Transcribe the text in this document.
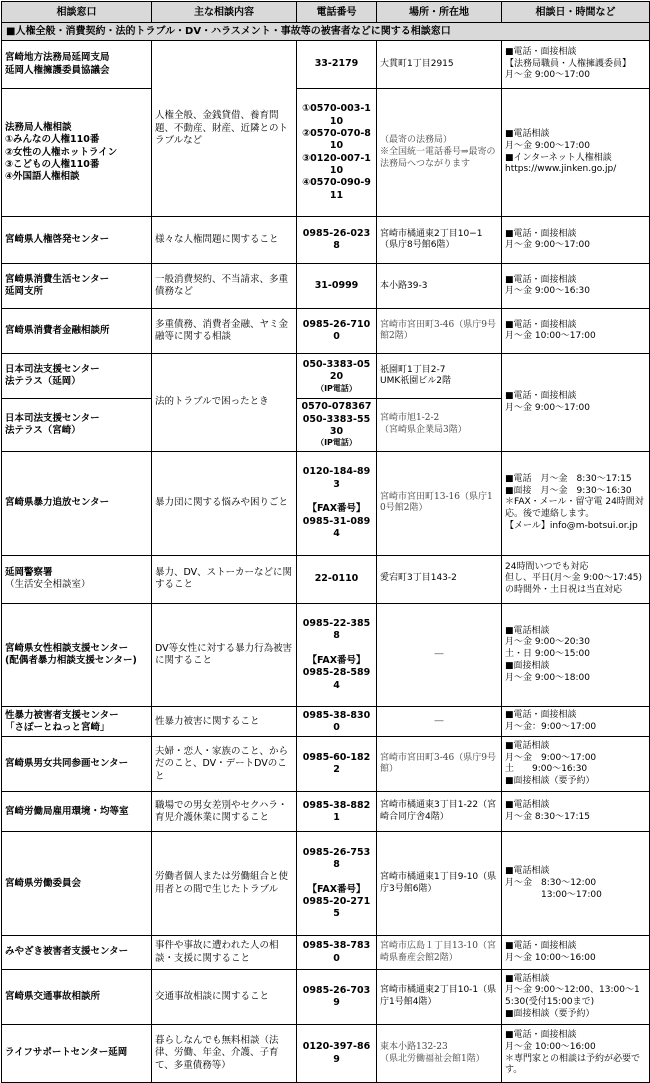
相談窓口	主な相談内容	電話番号	場所・所在地	相談日・時間など
■人権全般・消費契約・法的トラブル・DV・ハラスメント・事故等の被害者などに関する相談窓口				

宮崎地方法務局延岡支局
延岡人権擁護委員協議会	人権全般、金銭貸借、養育問題、不動産、財産、近隣とのトラブルなど	33-2179	大貫町1丁目2915	■電話・面接相談
【法務局職員・人権擁護委員】
月～金 9:00～17:00

法務局人権相談
①みんなの人権110番
②女性の人権ホットライン
③こどもの人権110番
④外国語人権相談		①0570-003-110
②0570-070-810
③0120-007-110
④0570-090-911	（最寄の法務局）
※全国統一電話番号⇒最寄の法務局へつながります	■電話相談
月～金 9:00～17:00
■インターネット人権相談
https://www.jinken.go.jp/
宮崎県人権啓発センター	様々な人権問題に関すること	0985-26-0238	宮崎市橘通東2丁目10−1（県庁8号館6階）	■電話・面接相談
月～金 9:00～17:00

宮崎県消費生活センター
延岡支所	一般消費契約、不当請求、多重債務など	31-0999	本小路39-3	■電話・面接相談
月～金 9:00～16:30
宮崎県消費者金融相談所	多重債務、消費者金融、ヤミ金融等に関する相談	0985-26-7100	宮崎市宮田町3-46（県庁9号館2階）	■電話・面接相談
月～金 10:00～17:00

日本司法支援センター
法テラス（延岡）	法的トラブルで困ったとき	050-3383-0520
（IP電話）	祇園町1丁目2-7
UMK祇園ビル2階	■電話・面接相談
月～金 9:00～17:00

日本司法支援センター
法テラス（宮崎）		0570-078367
050-3383-5530
（IP電話）	宮崎市旭1-2-2
（宮崎県企業局3階）	
宮崎県暴力追放センター	暴力団に関する悩みや困りごと	0120-184-893

【FAX番号】
0985-31-0894	宮崎市宮田町13-16（県庁10号館2階）	■電話　月～金　8:30～17:15
■面接　月～金　9:30～16:30
＊FAX・メール・留守電 24時間対応。後で連絡します。
【メール】info@m-botsui.or.jp

延岡警察署
（生活安全相談室）	暴力、DV、ストーカーなどに関すること	22-0110	愛宕町3丁目143-2	24時間いつでも対応
但し、平日(月～金 9:00～17:45)の時間外・土日祝は当直対応

宮崎県女性相談支援センター
(配偶者暴力相談支援センター)	DV等女性に対する暴力行為被害に関すること	0985-22-3858

【FAX番号】
0985-28-5894	―	■電話相談
月～金 9:00～20:30
土・日 9:00～15:00
■面接相談
月～金 9:00～18:00

性暴力被害者支援センター
「さぽーとねっと宮崎」	性暴力被害に関すること	0985-38-8300	―	■電話・面接相談
月～金：9:00～17:00
宮崎県男女共同参画センター	夫婦・恋人・家族のこと、からだのこと、DV・デートDVのこと	0985-60-1822	宮崎市宮田町3-46（県庁9号館）	■電話相談
月～金　9:00～17:00
土　　9:00～16:30
■面接相談（要予約）
宮崎労働局雇用環境・均等室	職場での男女差別やセクハラ・育児介護休業に関すること	0985-38-8821	宮崎市橘通東3丁目1-22（宮崎合同庁舎4階）	■電話相談
月～金 8:30～17:15
宮崎県労働委員会	労働者個人または労働組合と使用者との間で生じたトラブル	0985-26-7538

【FAX番号】
0985-20-2715	宮崎市橘通東1丁目9-10（県庁3号館6階）	■電話相談
月～金　8:30～12:00
　　　　13:00～17:00
みやざき被害者支援センター	事件や事故に遭われた人の相談・支援に関すること	0985-38-7830	宮崎市広島１丁目13-10（宮崎県畜産会館2階）	■電話・面接相談
月～金 10:00～16:00
宮崎県交通事故相談所	交通事故相談に関すること	0985-26-7039	宮崎市橘通東2丁目10-1（県庁1号館4階）	■電話相談
月～金 9:00～12:00、13:00～15:30(受付15:00まで)
■面接相談（要予約）
ライフサポートセンター延岡	暮らしなんでも無料相談（法律、労働、年金、介護、子育て、多重債務等）	0120-397-869	東本小路132-23
（県北労働福祉会館1階）	■電話・面接相談
月～金 10:00～16:00
＊専門家との相談は予約が必要です。
